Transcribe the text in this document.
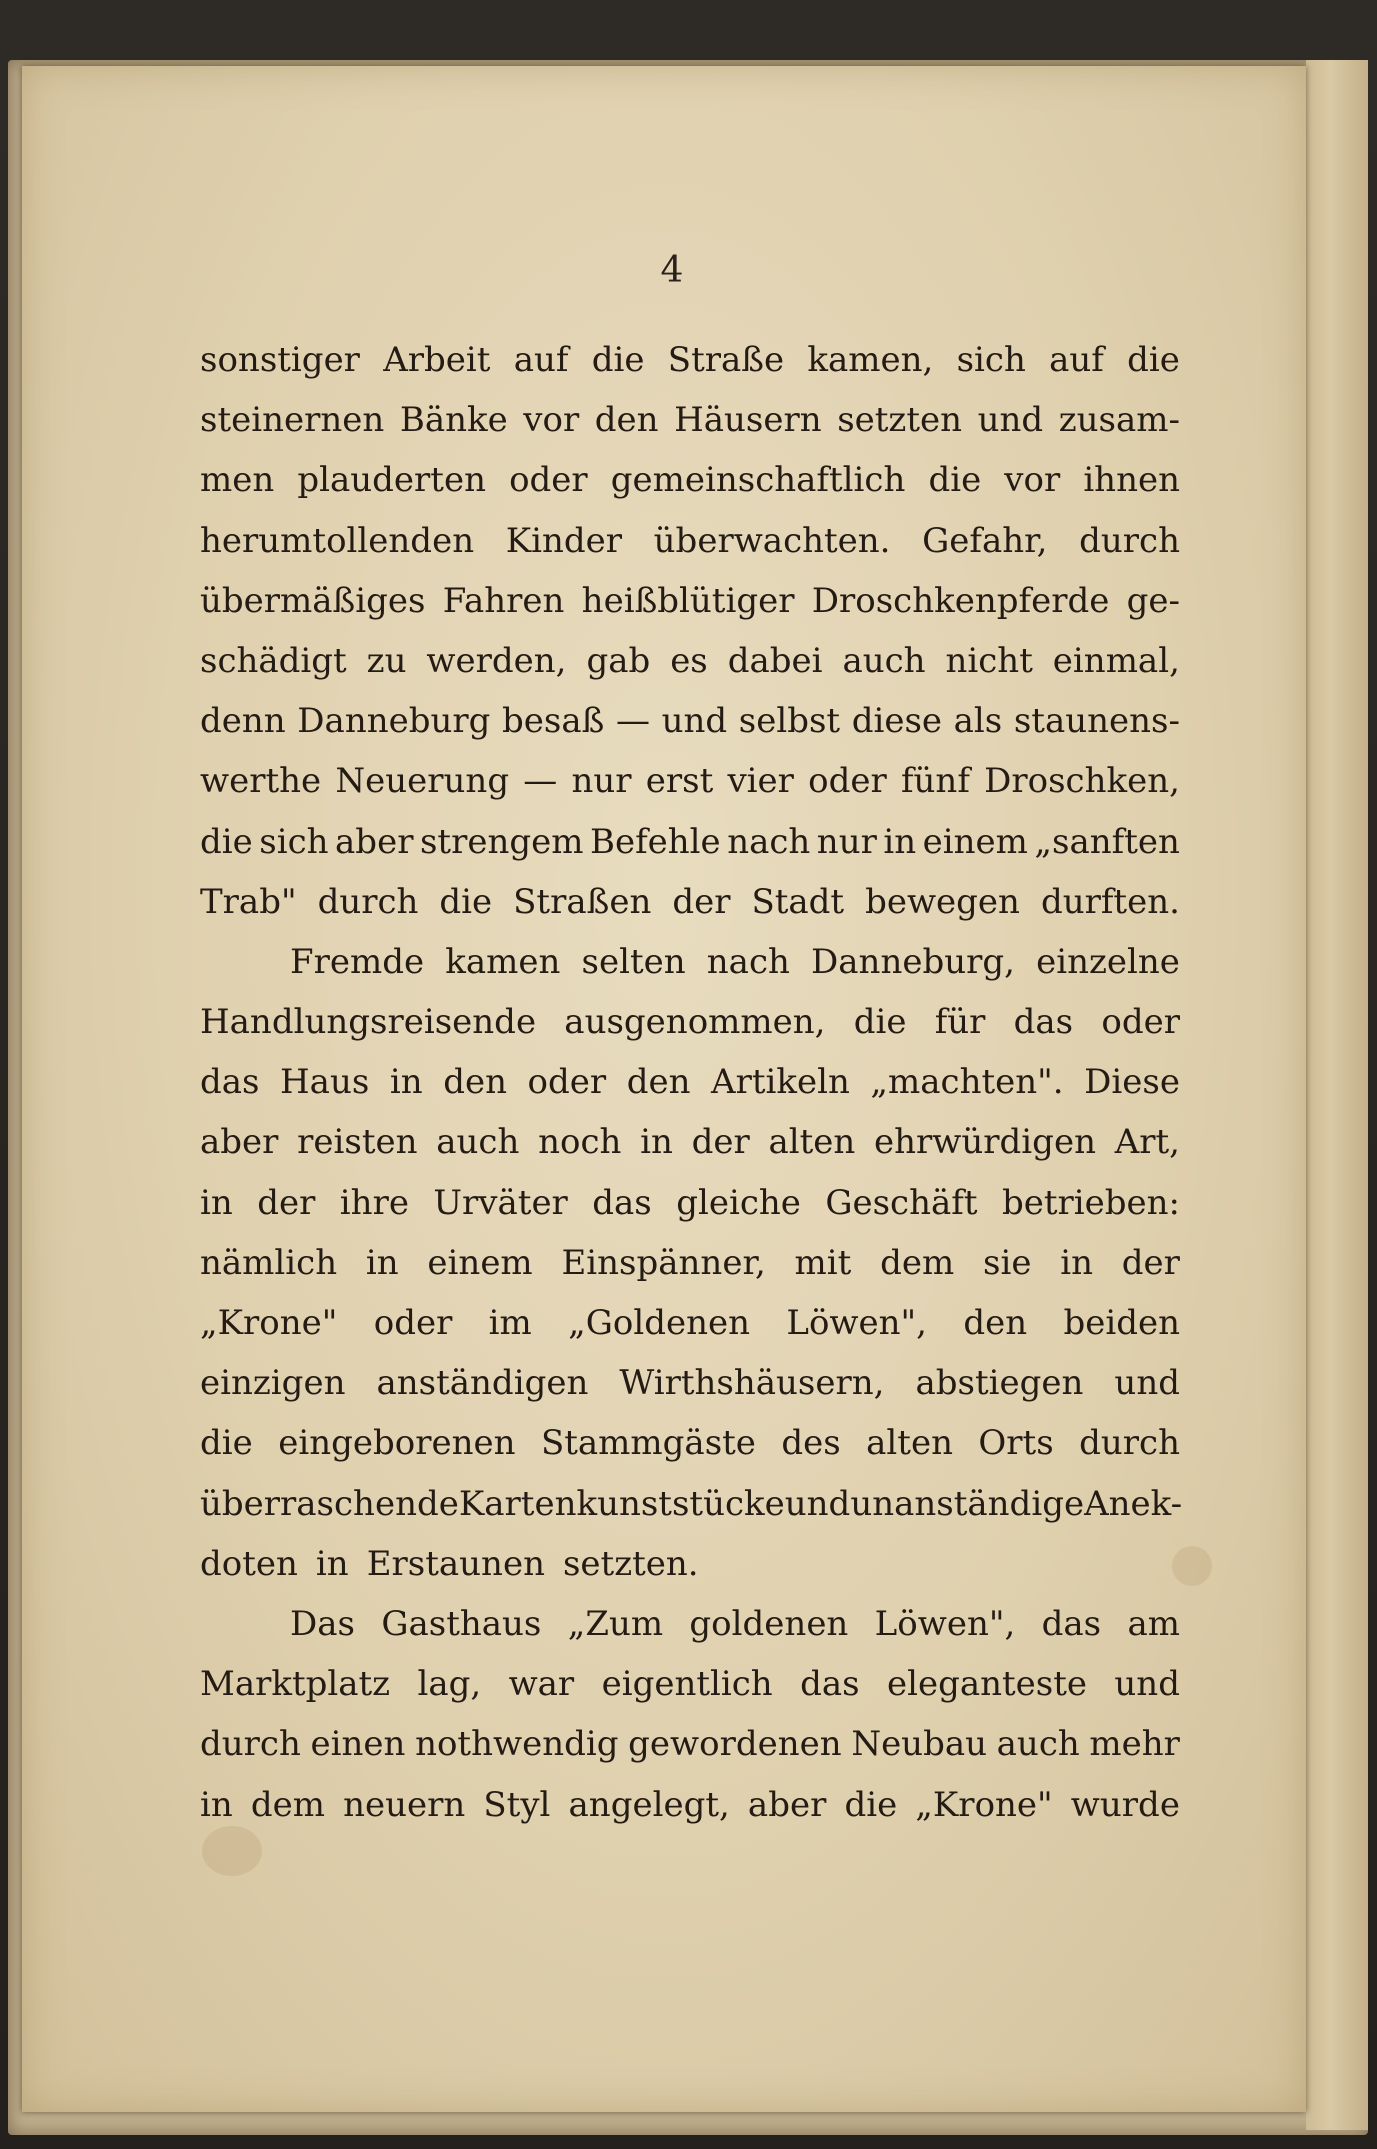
4
sonstiger Arbeit auf die Straße kamen, sich auf die
steinernen Bänke vor den Häusern setzten und zusam-
men plauderten oder gemeinschaftlich die vor ihnen
herumtollenden Kinder überwachten. Gefahr, durch
übermäßiges Fahren heißblütiger Droschkenpferde ge-
schädigt zu werden, gab es dabei auch nicht einmal,
denn Danneburg besaß — und selbst diese als staunens-
werthe Neuerung — nur erst vier oder fünf Droschken,
die sich aber strengem Befehle nach nur in einem „sanften
Trab" durch die Straßen der Stadt bewegen durften.
Fremde kamen selten nach Danneburg, einzelne
Handlungsreisende ausgenommen, die für das oder
das Haus in den oder den Artikeln „machten". Diese
aber reisten auch noch in der alten ehrwürdigen Art,
in der ihre Urväter das gleiche Geschäft betrieben:
nämlich in einem Einspänner, mit dem sie in der
„Krone" oder im „Goldenen Löwen", den beiden
einzigen anständigen Wirthshäusern, abstiegen und
die eingeborenen Stammgäste des alten Orts durch
überraschende Kartenkunststücke und unanständige Anek-
doten in Erstaunen setzten.
Das Gasthaus „Zum goldenen Löwen", das am
Marktplatz lag, war eigentlich das eleganteste und
durch einen nothwendig gewordenen Neubau auch mehr
in dem neuern Styl angelegt, aber die „Krone" wurde
